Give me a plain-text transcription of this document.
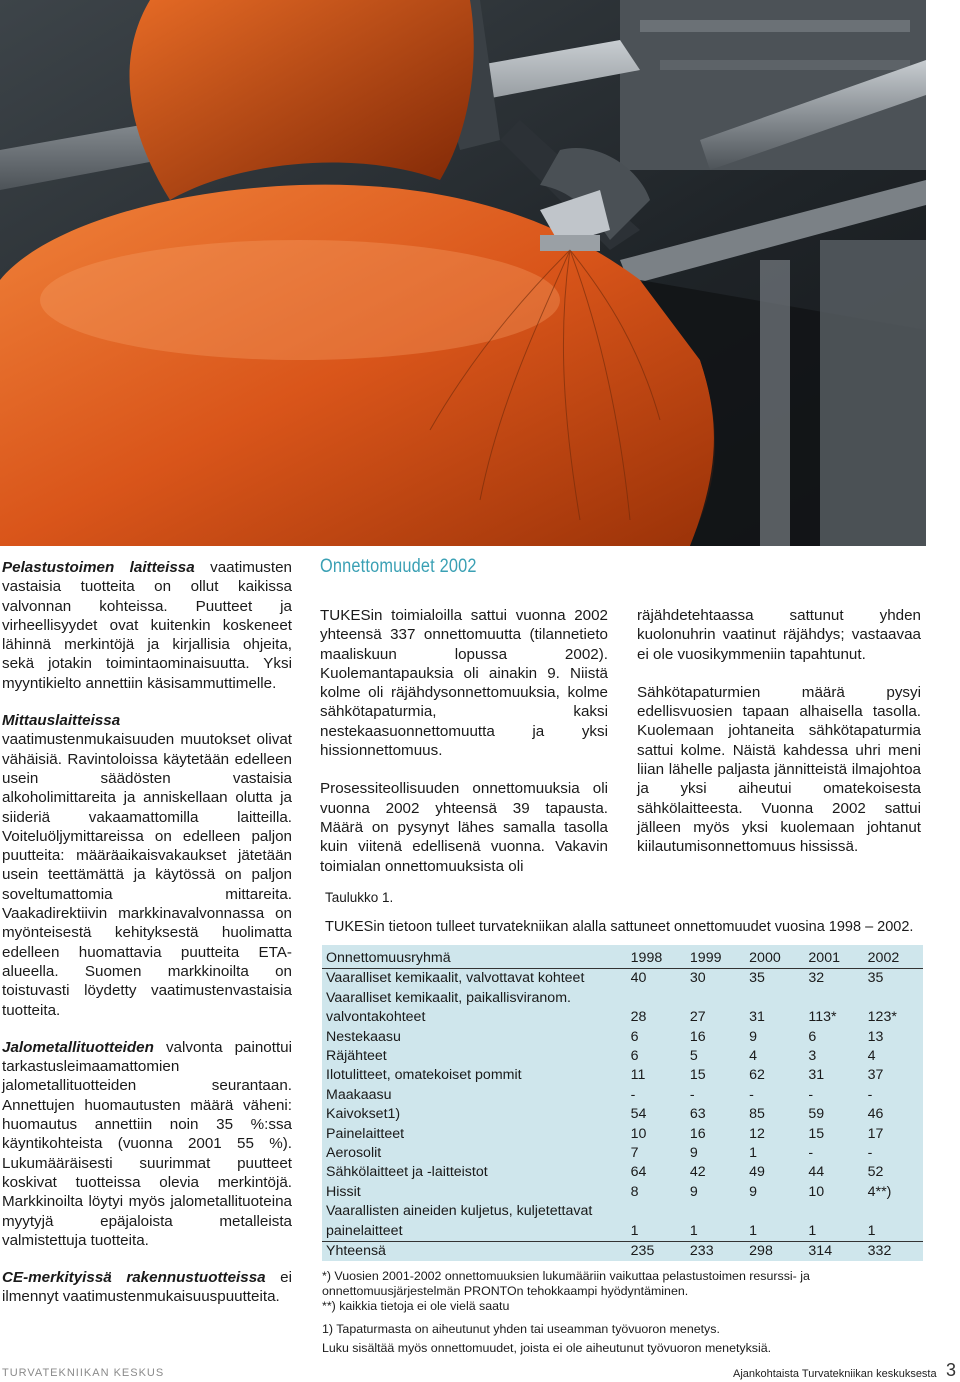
Pelastustoimen laitteissa vaatimusten vastaisia tuotteita on ollut kaikissa valvonnan kohteissa. Puutteet ja virheellisyydet ovat kuitenkin koskeneet lähinnä merkintöjä ja kirjallisia ohjeita, sekä jotakin toimintaominaisuutta. Yksi myyntikielto annettiin käsisammuttimelle.

Mittauslaitteissa vaatimustenmukaisuuden muutokset olivat vähäisiä. Ravintoloissa käytetään edelleen usein säädösten vastaisia alkoholimittareita ja anniskellaan olutta ja siideriä vakaamattomilla laitteilla. Voiteluöljymittareissa on edelleen paljon puutteita: määräaikaisvakaukset jätetään usein teettämättä ja käytössä on paljon soveltumattomia mittareita. Vaakadirektiivin markkinavalvonnassa on myönteisestä kehityksestä huolimatta edelleen huomattavia puutteita ETA-alueella. Suomen markkinoilta on toistuvasti löydetty vaatimustenvastaisia tuotteita.

Jalometallituotteiden valvonta painottui tarkastusleimaamattomien jalometallituotteiden seurantaan. Annettujen huomautusten määrä väheni: huomautus annettiin noin 35 %:ssa käyntikohteista (vuonna 2001 55 %). Lukumääräisesti suurimmat puutteet koskivat tuotteissa olevia merkintöjä. Markkinoilta löytyi myös jalometallituoteina myytyjä epäjaloista metalleista valmistettuja tuotteita.

CE-merkityissä rakennustuotteissa ei ilmennyt vaatimustenmukaisuuspuutteita.

Onnettomuudet 2002

TUKESin toimialoilla sattui vuonna 2002 yhteensä 337 onnettomuutta (tilannetieto maaliskuun lopussa 2002). Kuolemantapauksia oli ainakin 9. Niistä kolme oli räjähdysonnettomuuksia, kolme sähkötapaturmia, kaksi nestekaasuonnettomuutta ja yksi hissionnettomuus.

Prosessiteollisuuden onnettomuuksia oli vuonna 2002 yhteensä 39 tapausta. Määrä on pysynyt lähes samalla tasolla kuin viitenä edellisenä vuonna. Vakavin toimialan onnettomuuksista oli

räjähdetehtaassa sattunut yhden kuolonuhrin vaatinut räjähdys; vastaavaa ei ole vuosikymmeniin tapahtunut.

Sähkötapaturmien määrä pysyi edellisvuosien tapaan alhaisella tasolla. Kuolemaan johtaneita sähkötapaturmia sattui kolme. Näistä kahdessa uhri meni liian lähelle paljasta jännitteistä ilmajohtoa ja yksi aiheutui omatekoisesta sähkölaitteesta. Vuonna 2002 sattui jälleen myös yksi kuolemaan johtanut kiilautumisonnettomuus hississä.

Taulukko 1.
TUKESin tietoon tulleet turvatekniikan alalla sattuneet onnettomuudet vuosina 1998 – 2002.
Onnettomuusryhmä	1998	1999	2000	2001	2002
Vaaralliset kemikaalit, valvottavat kohteet	40	30	35	32	35
Vaaralliset kemikaalit, paikallisviranom. valvontakohteet	28	27	31	113*	123*
Nestekaasu	6	16	9	6	13
Räjähteet	6	5	4	3	4
Ilotulitteet, omatekoiset pommit	11	15	62	31	37
Maakaasu	-	-	-	-	-
Kaivokset1)	54	63	85	59	46
Painelaitteet	10	16	12	15	17
Aerosolit	7	9	1	-	-
Sähkölaitteet ja -laitteistot	64	42	49	44	52
Hissit	8	9	9	10	4**)
Vaarallisten aineiden kuljetus, kuljetettavat painelaitteet	1	1	1	1	1
Yhteensä	235	233	298	314	332
*) Vuosien 2001-2002 onnettomuuksien lukumääriin vaikuttaa pelastustoimen resurssi- ja onnettomuusjärjestelmän PRONTOn tehokkaampi hyödyntäminen.
**) kaikkia tietoja ei ole vielä saatu
1) Tapaturmasta on aiheutunut yhden tai useamman työvuoron menetys.
Luku sisältää myös onnettomuudet, joista ei ole aiheutunut työvuoron menetyksiä.
TURVATEKNIIKAN KESKUS	Ajankohtaista Turvatekniikan keskuksesta 3
